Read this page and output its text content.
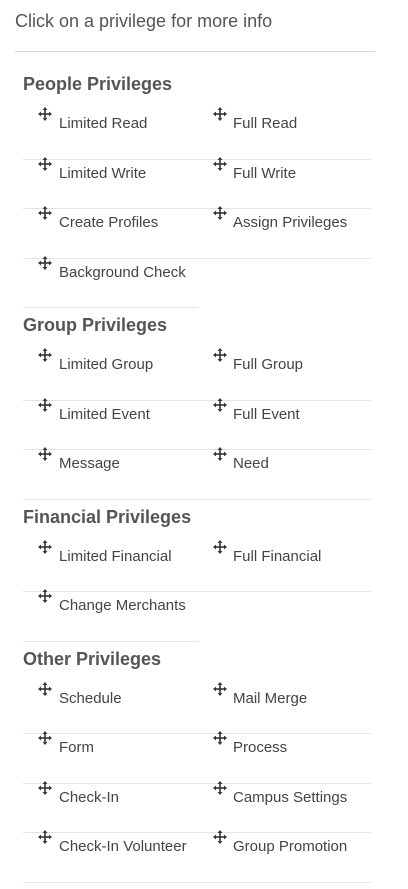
Click on a privilege for more info
People Privileges
Limited Read	Full Read
Limited Write	Full Write
Create Profiles	Assign Privileges
Background Check
Group Privileges
Limited Group	Full Group
Limited Event	Full Event
Message	Need
Financial Privileges
Limited Financial	Full Financial
Change Merchants
Other Privileges
Schedule	Mail Merge
Form	Process
Check-In	Campus Settings
Check-In Volunteer	Group Promotion
